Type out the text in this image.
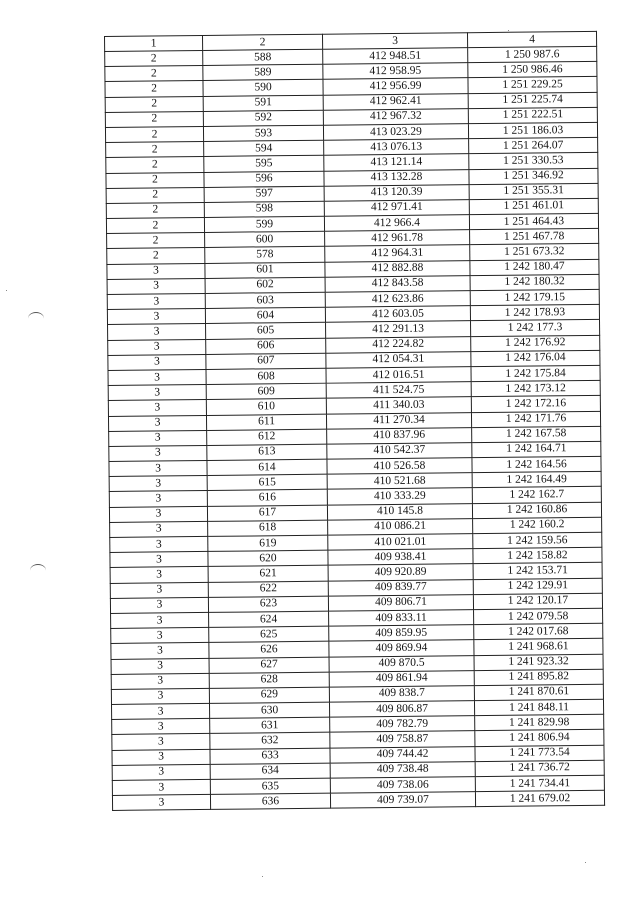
1	2	3	4
2	588	412 948.51	1 250 987.6
2	589	412 958.95	1 250 986.46
2	590	412 956.99	1 251 229.25
2	591	412 962.41	1 251 225.74
2	592	412 967.32	1 251 222.51
2	593	413 023.29	1 251 186.03
2	594	413 076.13	1 251 264.07
2	595	413 121.14	1 251 330.53
2	596	413 132.28	1 251 346.92
2	597	413 120.39	1 251 355.31
2	598	412 971.41	1 251 461.01
2	599	412 966.4	1 251 464.43
2	600	412 961.78	1 251 467.78
2	578	412 964.31	1 251 673.32
3	601	412 882.88	1 242 180.47
3	602	412 843.58	1 242 180.32
3	603	412 623.86	1 242 179.15
3	604	412 603.05	1 242 178.93
3	605	412 291.13	1 242 177.3
3	606	412 224.82	1 242 176.92
3	607	412 054.31	1 242 176.04
3	608	412 016.51	1 242 175.84
3	609	411 524.75	1 242 173.12
3	610	411 340.03	1 242 172.16
3	611	411 270.34	1 242 171.76
3	612	410 837.96	1 242 167.58
3	613	410 542.37	1 242 164.71
3	614	410 526.58	1 242 164.56
3	615	410 521.68	1 242 164.49
3	616	410 333.29	1 242 162.7
3	617	410 145.8	1 242 160.86
3	618	410 086.21	1 242 160.2
3	619	410 021.01	1 242 159.56
3	620	409 938.41	1 242 158.82
3	621	409 920.89	1 242 153.71
3	622	409 839.77	1 242 129.91
3	623	409 806.71	1 242 120.17
3	624	409 833.11	1 242 079.58
3	625	409 859.95	1 242 017.68
3	626	409 869.94	1 241 968.61
3	627	409 870.5	1 241 923.32
3	628	409 861.94	1 241 895.82
3	629	409 838.7	1 241 870.61
3	630	409 806.87	1 241 848.11
3	631	409 782.79	1 241 829.98
3	632	409 758.87	1 241 806.94
3	633	409 744.42	1 241 773.54
3	634	409 738.48	1 241 736.72
3	635	409 738.06	1 241 734.41
3	636	409 739.07	1 241 679.02
